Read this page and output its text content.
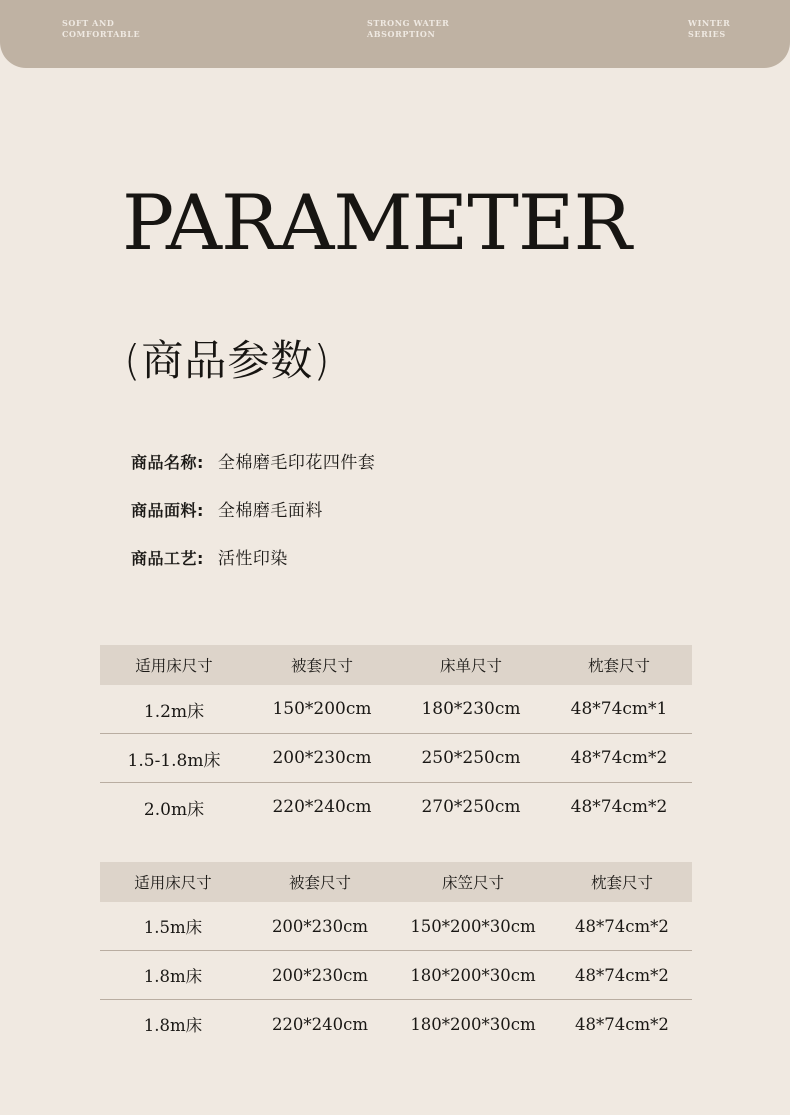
SOFT AND
COMFORTABLE
STRONG WATER
ABSORPTION
WINTER
SERIES
PARAMETER
(商品参数)
商品名称: 全棉磨毛印花四件套
商品面料: 全棉磨毛面料
商品工艺: 活性印染
适用床尺寸	被套尺寸	床单尺寸	枕套尺寸
1.2m床	150*200cm	180*230cm	48*74cm*1
1.5-1.8m床	200*230cm	250*250cm	48*74cm*2
2.0m床	220*240cm	270*250cm	48*74cm*2
适用床尺寸	被套尺寸	床笠尺寸	枕套尺寸
1.5m床	200*230cm	150*200*30cm	48*74cm*2
1.8m床	200*230cm	180*200*30cm	48*74cm*2
1.8m床	220*240cm	180*200*30cm	48*74cm*2
